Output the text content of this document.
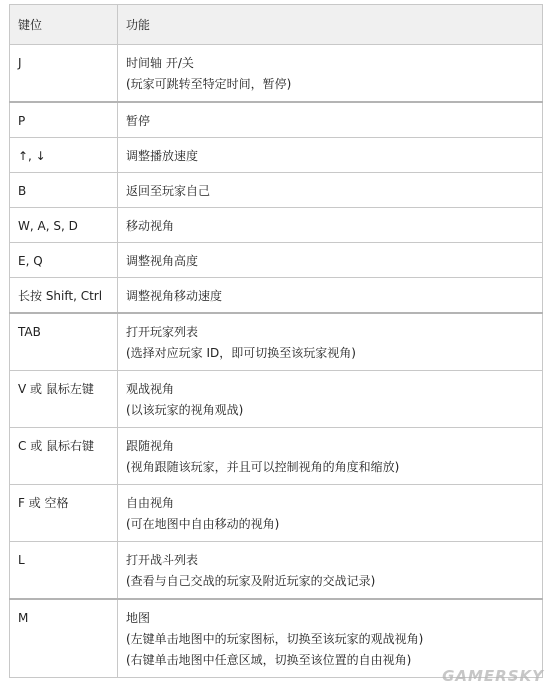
键位	功能
J	时间轴 开/关
(玩家可跳转至特定时间，暂停)

P	暂停

↑, ↓	调整播放速度

B	返回至玩家自己

W, A, S, D	移动视角

E, Q	调整视角高度

长按 Shift, Ctrl	调整视角移动速度

TAB	打开玩家列表
(选择对应玩家 ID，即可切换至该玩家视角)

V 或 鼠标左键	观战视角
(以该玩家的视角观战)

C 或 鼠标右键	跟随视角
(视角跟随该玩家，并且可以控制视角的角度和缩放)

F 或 空格	自由视角
(可在地图中自由移动的视角)

L	打开战斗列表
(查看与自己交战的玩家及附近玩家的交战记录)

M	地图
(左键单击地图中的玩家图标，切换至该玩家的观战视角)
(右键单击地图中任意区域，切换至该位置的自由视角)
GAMERSKY
